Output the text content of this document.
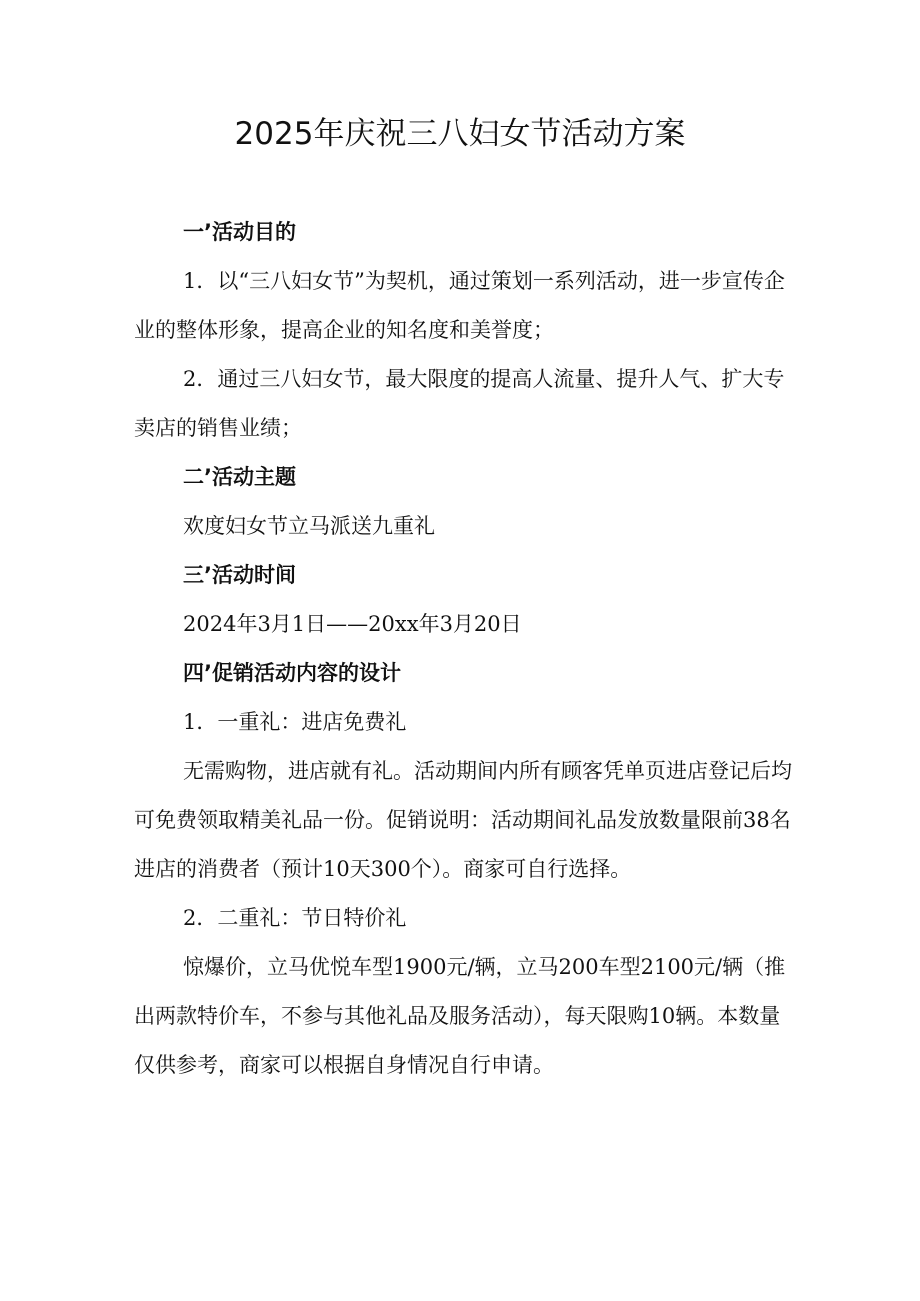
2025年庆祝三八妇女节活动方案

一’活动目的

1．以“三八妇女节”为契机，通过策划一系列活动，进一步宣传企业的整体形象，提高企业的知名度和美誉度；

2．通过三八妇女节，最大限度的提高人流量、提升人气、扩大专卖店的销售业绩；

二’活动主题

欢度妇女节立马派送九重礼

三’活动时间

2024年3月1日——20xx年3月20日

四’促销活动内容的设计

1．一重礼：进店免费礼

无需购物，进店就有礼。活动期间内所有顾客凭单页进店登记后均可免费领取精美礼品一份。促销说明：活动期间礼品发放数量限前38名进店的消费者（预计10天300个）。商家可自行选择。

2．二重礼：节日特价礼

惊爆价，立马优悦车型1900元/辆，立马200车型2100元/辆（推出两款特价车，不参与其他礼品及服务活动），每天限购10辆。本数量仅供参考，商家可以根据自身情况自行申请。
